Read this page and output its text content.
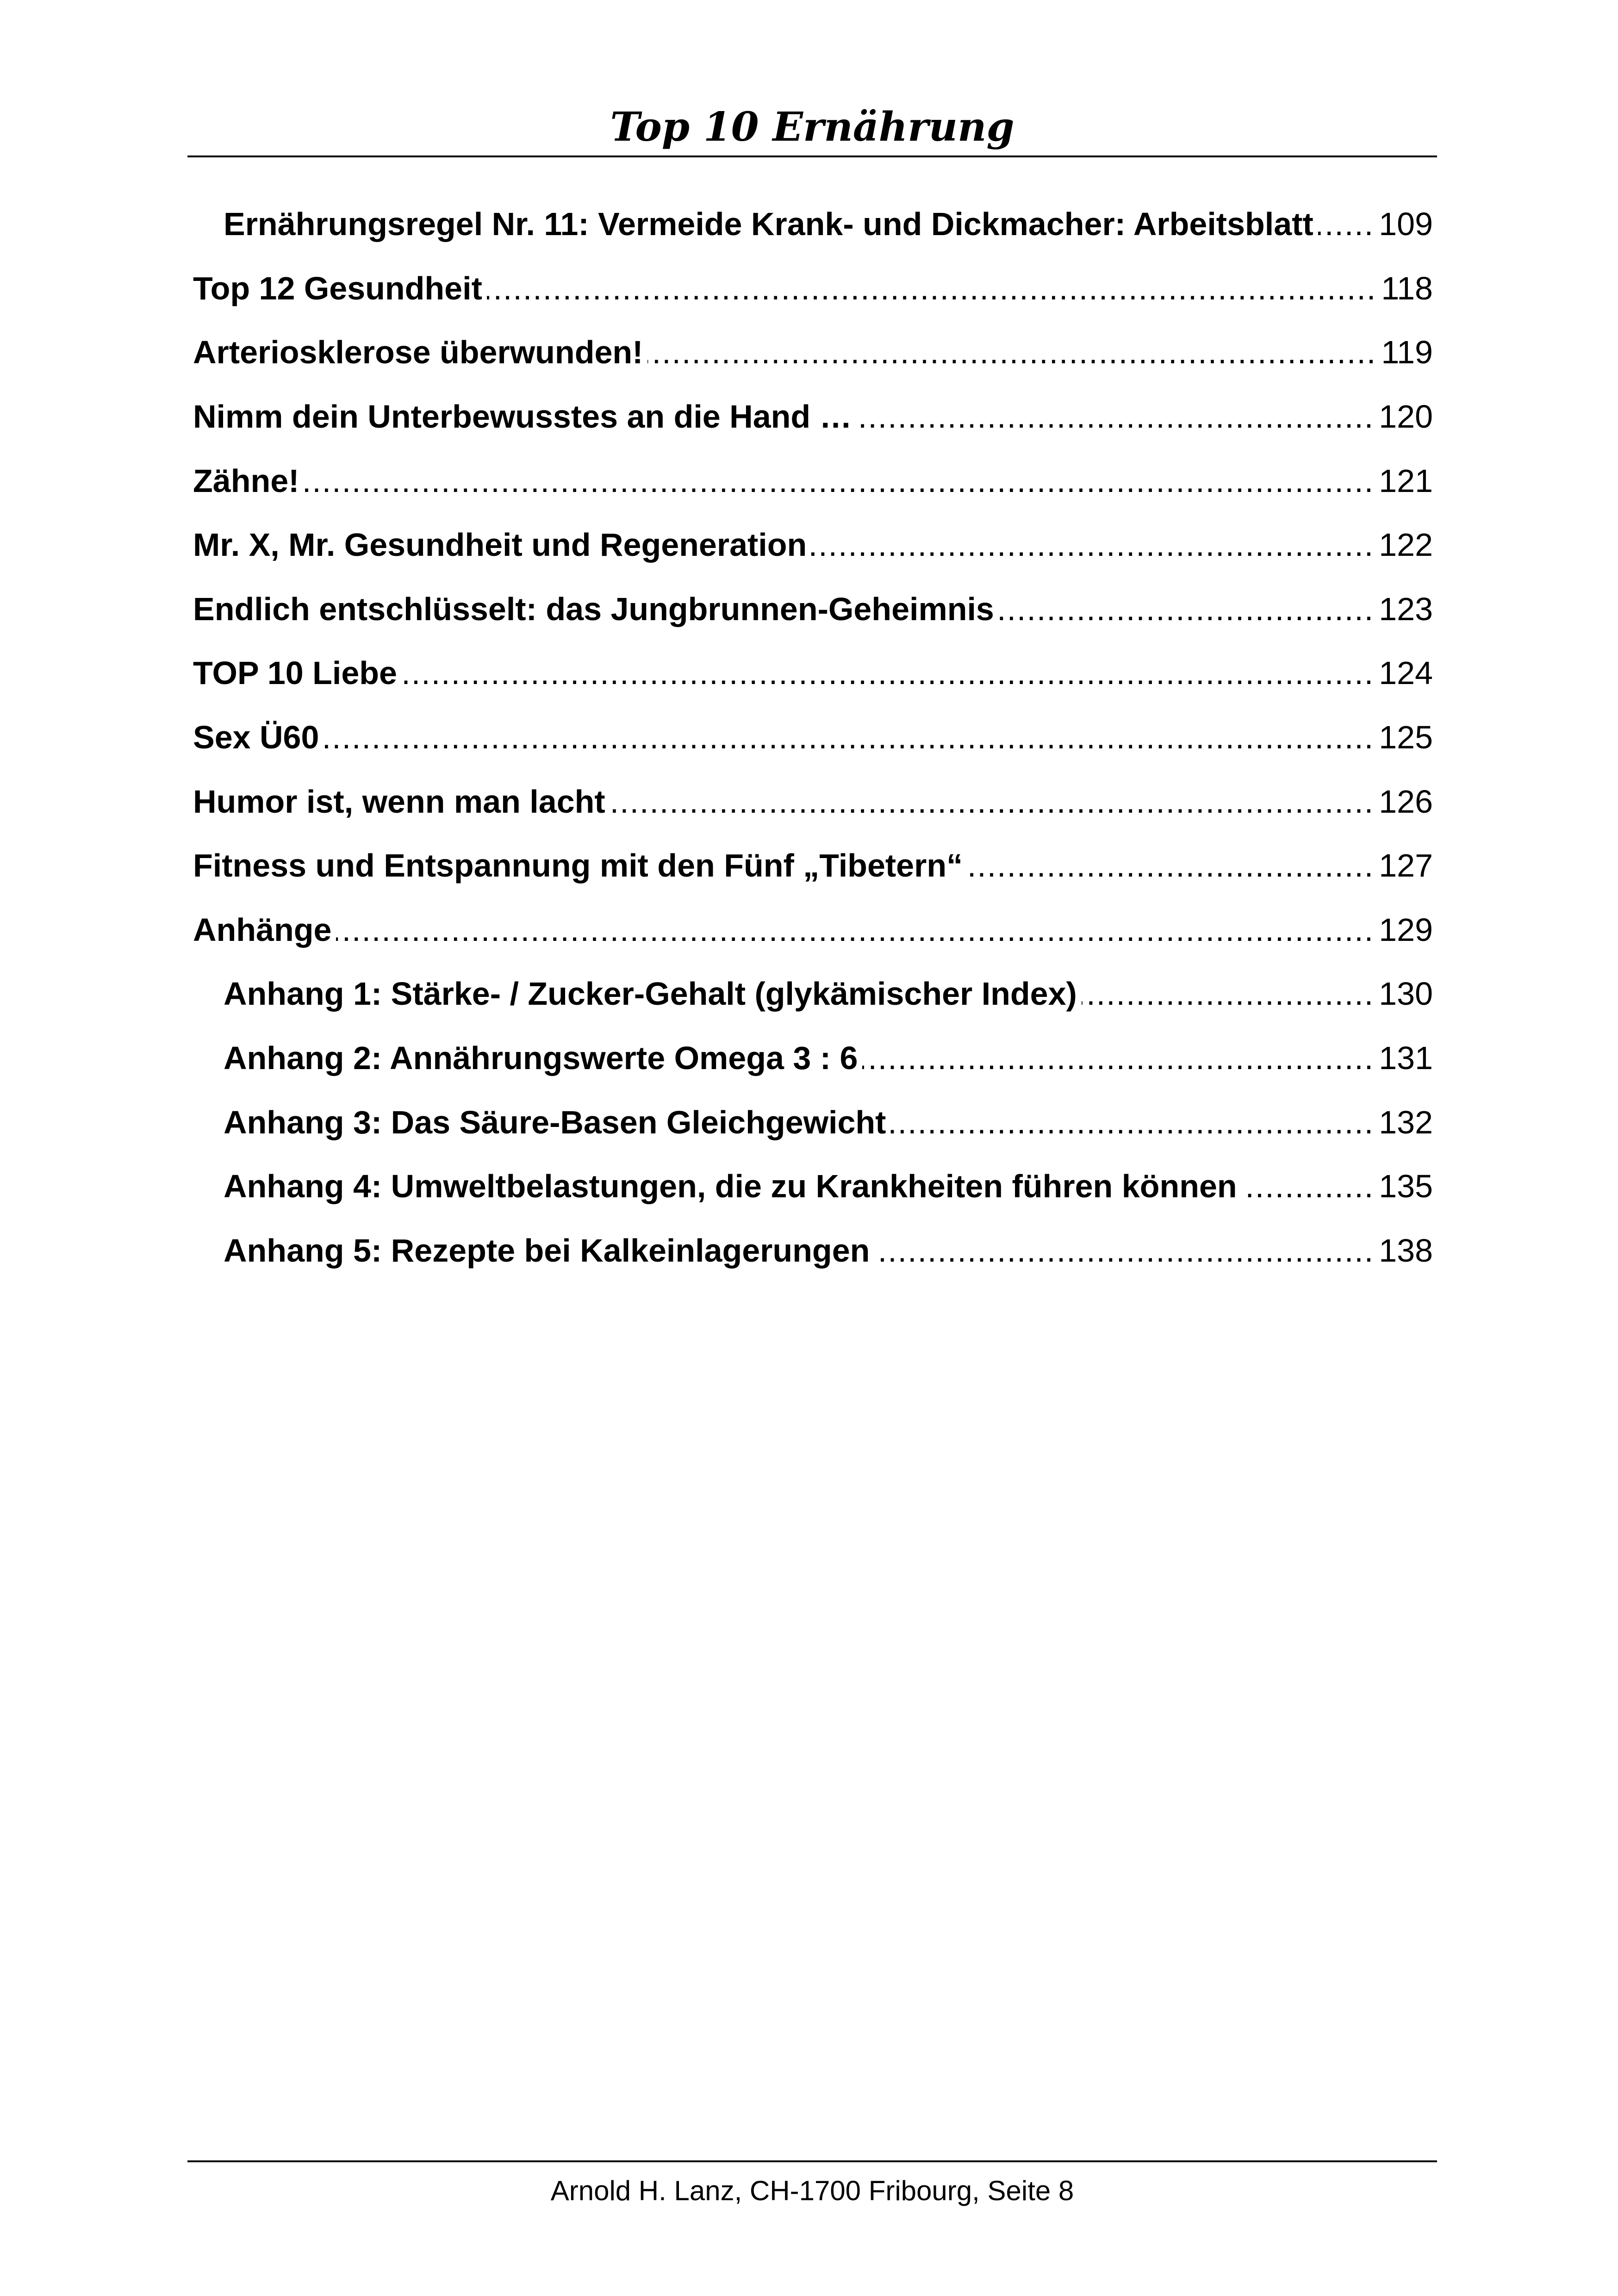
Top 10 Ernährung
Ernährungsregel Nr. 11: Vermeide Krank- und Dickmacher: Arbeitsblatt ..... 109
Top 12 Gesundheit .....	118
Arteriosklerose überwunden! .....	119
Nimm dein Unterbewusstes an die Hand … .....	120
Zähne! .....	121
Mr. X, Mr. Gesundheit und Regeneration .....	122
Endlich entschlüsselt: das Jungbrunnen-Geheimnis .....	123
TOP 10 Liebe .....	124
Sex Ü60 .....	125
Humor ist, wenn man lacht .....	126
Fitness und Entspannung mit den Fünf „Tibetern“ .....	127
Anhänge .....	129
Anhang 1: Stärke- / Zucker-Gehalt (glykämischer Index) .....	130
Anhang 2: Annährungswerte Omega 3 : 6 .....	131
Anhang 3: Das Säure-Basen Gleichgewicht .....	132
Anhang 4: Umweltbelastungen, die zu Krankheiten führen können .....	135
Anhang 5: Rezepte bei Kalkeinlagerungen .....	138
Arnold H. Lanz, CH-1700 Fribourg, Seite 8
